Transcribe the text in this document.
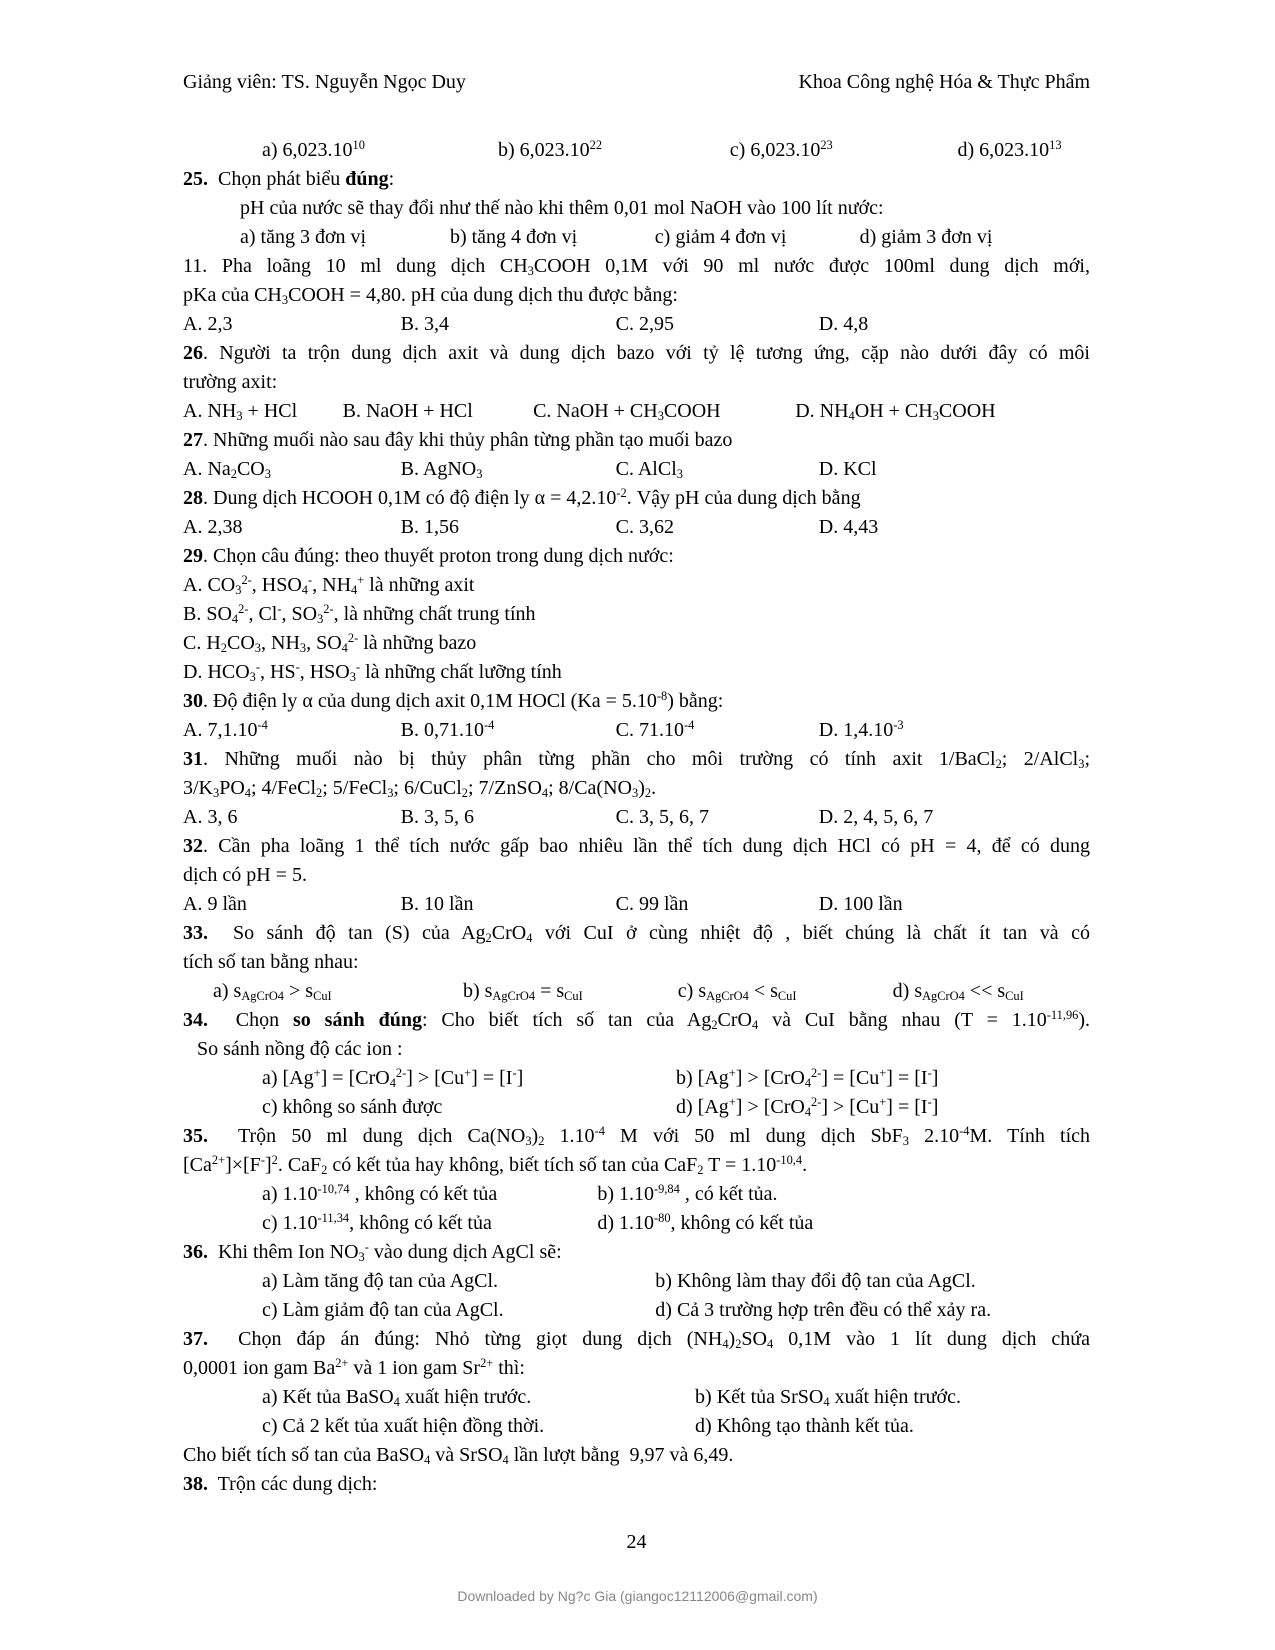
Giảng viên: TS. Nguyễn Ngọc Duy	Khoa Công nghệ Hóa & Thực Phẩm
a) 6,023.10$^{10}$	b) 6,023.10$^{22}$	c) 6,023.10$^{23}$	d) 6,023.10$^{13}$
25.  Chọn phát biểu đúng:
pH của nước sẽ thay đổi như thế nào khi thêm 0,01 mol NaOH vào 100 lít nước:
a) tăng 3 đơn vị	b) tăng 4 đơn vị	c) giảm 4 đơn vị	d) giảm 3 đơn vị
11. Pha loãng 10 ml dung dịch $CH_3COOH$ 0,1M với 90 ml nước được 100ml dung dịch mới,
pKa của $CH_3COOH = 4,80$. pH của dung dịch thu được bằng:
A. 2,3	B. 3,4	C. 2,95	D. 4,8
26. Người ta trộn dung dịch axit và dung dịch bazo với tỷ lệ tương ứng, cặp nào dưới đây có môi
trường axit:
A. $NH_3$ + HCl	B. NaOH + HCl	C. NaOH + $CH_3COOH$	D. $NH_4OH$ + $CH_3COOH$
27. Những muối nào sau đây khi thủy phân từng phần tạo muối bazo
A. $Na_2CO_3$	B. AgNO$_3$	C. AlCl$_3$	D. KCl
28. Dung dịch HCOOH 0,1M có độ điện ly $\alpha = 4,2.10^{-2}$. Vậy pH của dung dịch bằng
A. 2,38	B. 1,56	C. 3,62	D. 4,43
29. Chọn câu đúng: theo thuyết proton trong dung dịch nước:
A. $CO_3^{2-}$, $HSO_4^-$, $NH_4^+$ là những axit
B. $SO_4^{2-}$, Cl-, $SO_3^{2-}$, là những chất trung tính
C. $H_2CO_3$, $NH_3$, $SO_4^{2-}$ là những bazo
D. $HCO_3^-$, HS-, $HSO_3^-$ là những chất lưỡng tính
30. Độ điện ly α của dung dịch axit 0,1M HOCl $(Ka = 5.10^{-8})$ bằng:
A. $7,1.10^{-4}$	B. $0,71.10^{-4}$	C. $71.10^{-4}$	D. $1,4.10^{-3}$
31. Những muối nào bị thủy phân từng phần cho môi trường có tính axit 1/BaCl$_2$; 2/AlCl$_3$;
$3/K_3PO_4$; 4/FeCl$_2$; 5/FeCl$_3$; 6/CuCl$_2$; 7/ZnSO$_4$; $8/Ca(NO_3)_2$.
A. 3, 6	B. 3, 5, 6	C. 3, 5, 6, 7	D. 2, 4, 5, 6, 7
32. Cần pha loãng 1 thể tích nước gấp bao nhiêu lần thể tích dung dịch HCl có pH = 4, để có dung
dịch có pH = 5.
A. 9 lần	B. 10 lần	C. 99 lần	D. 100 lần
33.  So sánh độ tan (S) của $Ag_2CrO_4$ với CuI ở cùng nhiệt độ , biết chúng là chất ít tan và có
tích số tan bằng nhau:
a) $s_{AgCrO4} > s_{CuI}$	b) $s_{AgCrO4} = s_{CuI}$	c) $s_{AgCrO4} < s_{CuI}$	d) $s_{AgCrO4} << s_{CuI}$
34.  Chọn so sánh đúng: Cho biết tích số tan của $Ag_2CrO_4$ và CuI bằng nhau $(T = 1.10^{-11,96})$.
So sánh nồng độ các ion :
a) [Ag+] = [CrO$_4^{2-}$] > [Cu+] = [I-]	b) [Ag+] > [CrO$_4^{2-}$] = [Cu+] = [I-]
c) không so sánh được	d) [Ag+] > [CrO$_4^{2-}$] > [Cu+] = [I-]
35.  Trộn 50 ml dung dịch $Ca(NO_3)_2$ $1.10^{-4}$ M với 50 ml dung dịch SbF$_3$ $2.10^{-4}M$. Tính tích
$[Ca^{2+}]\times[F^-]^2$. CaF$_2$ có kết tủa hay không, biết tích số tan của CaF$_2$ $T = 1.10^{-10,4}$.
a) $1.10^{-10,74}$ , không có kết tủa	b) $1.10^{-9,84}$ , có kết tủa.
c) $1.10^{-11,34}$, không có kết tủa	d) $1.10^{-80}$, không có kết tủa
36.  Khi thêm Ion $NO_3^-$ vào dung dịch AgCl sẽ:
a) Làm tăng độ tan của AgCl.	b) Không làm thay đổi độ tan của AgCl.
c) Làm giảm độ tan của AgCl.	d) Cả 3 trường hợp trên đều có thể xảy ra.
37.  Chọn đáp án đúng: Nhỏ từng giọt dung dịch $(NH_4)_2SO_4$ 0,1M vào 1 lít dung dịch chứa
0,0001 ion gam $Ba^{2+}$ và 1 ion gam $Sr^{2+}$ thì:
a) Kết tủa BaSO$_4$ xuất hiện trước.	b) Kết tủa SrSO$_4$ xuất hiện trước.
c) Cả 2 kết tủa xuất hiện đồng thời.	d) Không tạo thành kết tủa.
Cho biết tích số tan của BaSO$_4$ và SrSO$_4$ lần lượt bằng  9,97 và 6,49.
38.  Trộn các dung dịch:
24
Downloaded by Ng?c Gia (giangoc12112006@gmail.com)
